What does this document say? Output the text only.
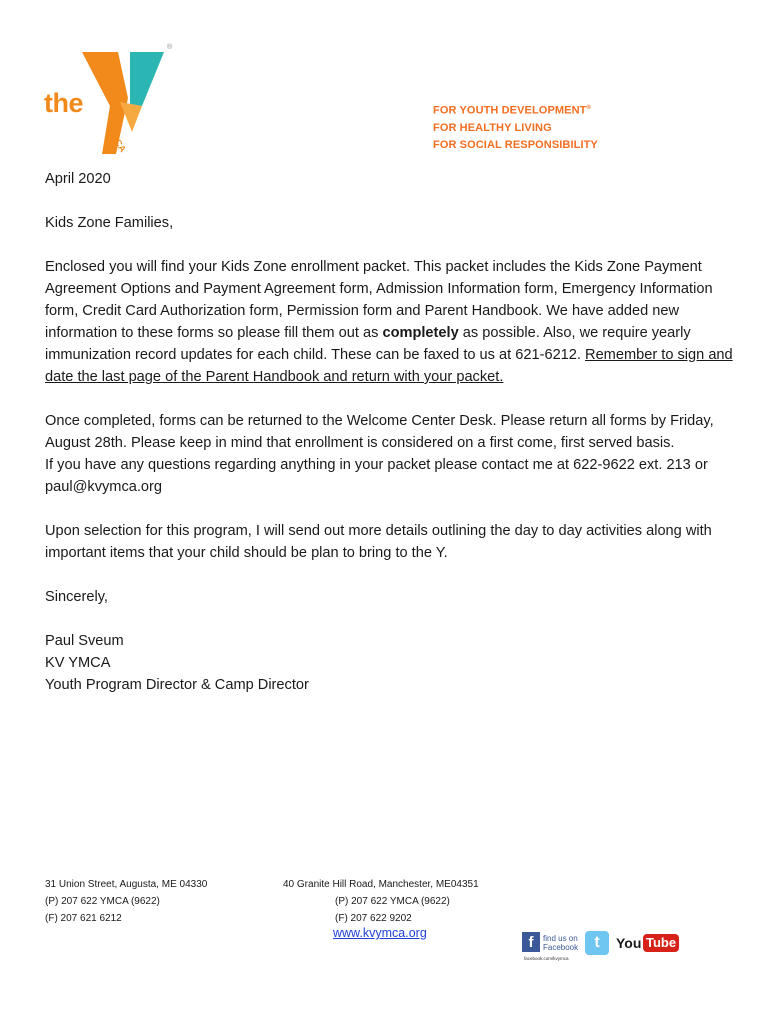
the
YMCA
®
FOR YOUTH DEVELOPMENT®
FOR HEALTHY LIVING
FOR SOCIAL RESPONSIBILITY

April 2020

Kids Zone Families,

Enclosed you will find your Kids Zone enrollment packet. This packet includes the Kids Zone Payment Agreement Options and Payment Agreement form, Admission Information form, Emergency Information form, Credit Card Authorization form, Permission form and Parent Handbook. We have added new information to these forms so please fill them out as completely as possible. Also, we require yearly immunization record updates for each child. These can be faxed to us at 621-6212. Remember to sign and date the last page of the Parent Handbook and return with your packet.

Once completed, forms can be returned to the Welcome Center Desk. Please return all forms by Friday, August 28th. Please keep in mind that enrollment is considered on a first come, first served basis.

If you have any questions regarding anything in your packet please contact me at 622-9622 ext. 213 or paul@kvymca.org

Upon selection for this program, I will send out more details outlining the day to day activities along with important items that your child should be plan to bring to the Y.

Sincerely,

Paul Sveum
KV YMCA
Youth Program Director & Camp Director
31 Union Street, Augusta, ME 04330
(P) 207 622 YMCA (9622)
(F) 207 621 6212
40 Granite Hill Road, Manchester, ME04351
(P) 207 622 YMCA (9622)
(F) 207 622 9202
www.kvymca.org
f	find us on
Facebook
facebook.com/kvymca
t	You Tube
